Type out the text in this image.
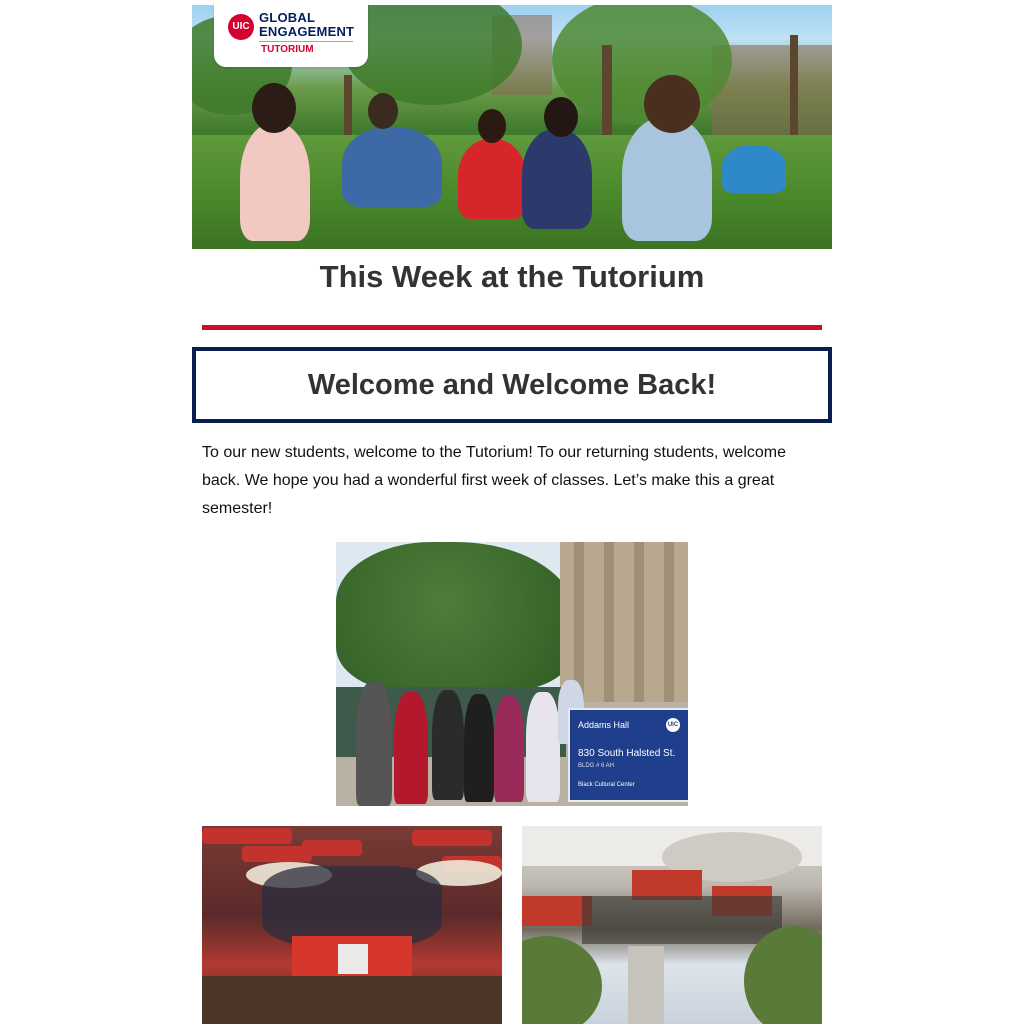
UIC
GLOBAL
ENGAGEMENT
TUTORIUM
This Week at the Tutorium
Welcome and Welcome Back!

To our new students, welcome to the Tutorium! To our returning students, welcome back. We hope you had a wonderful first week of classes. Let’s make this a great semester!

UIC
Addams Hall
830 South Halsted St.
BLDG # 6 AH
Black Cultural Center
